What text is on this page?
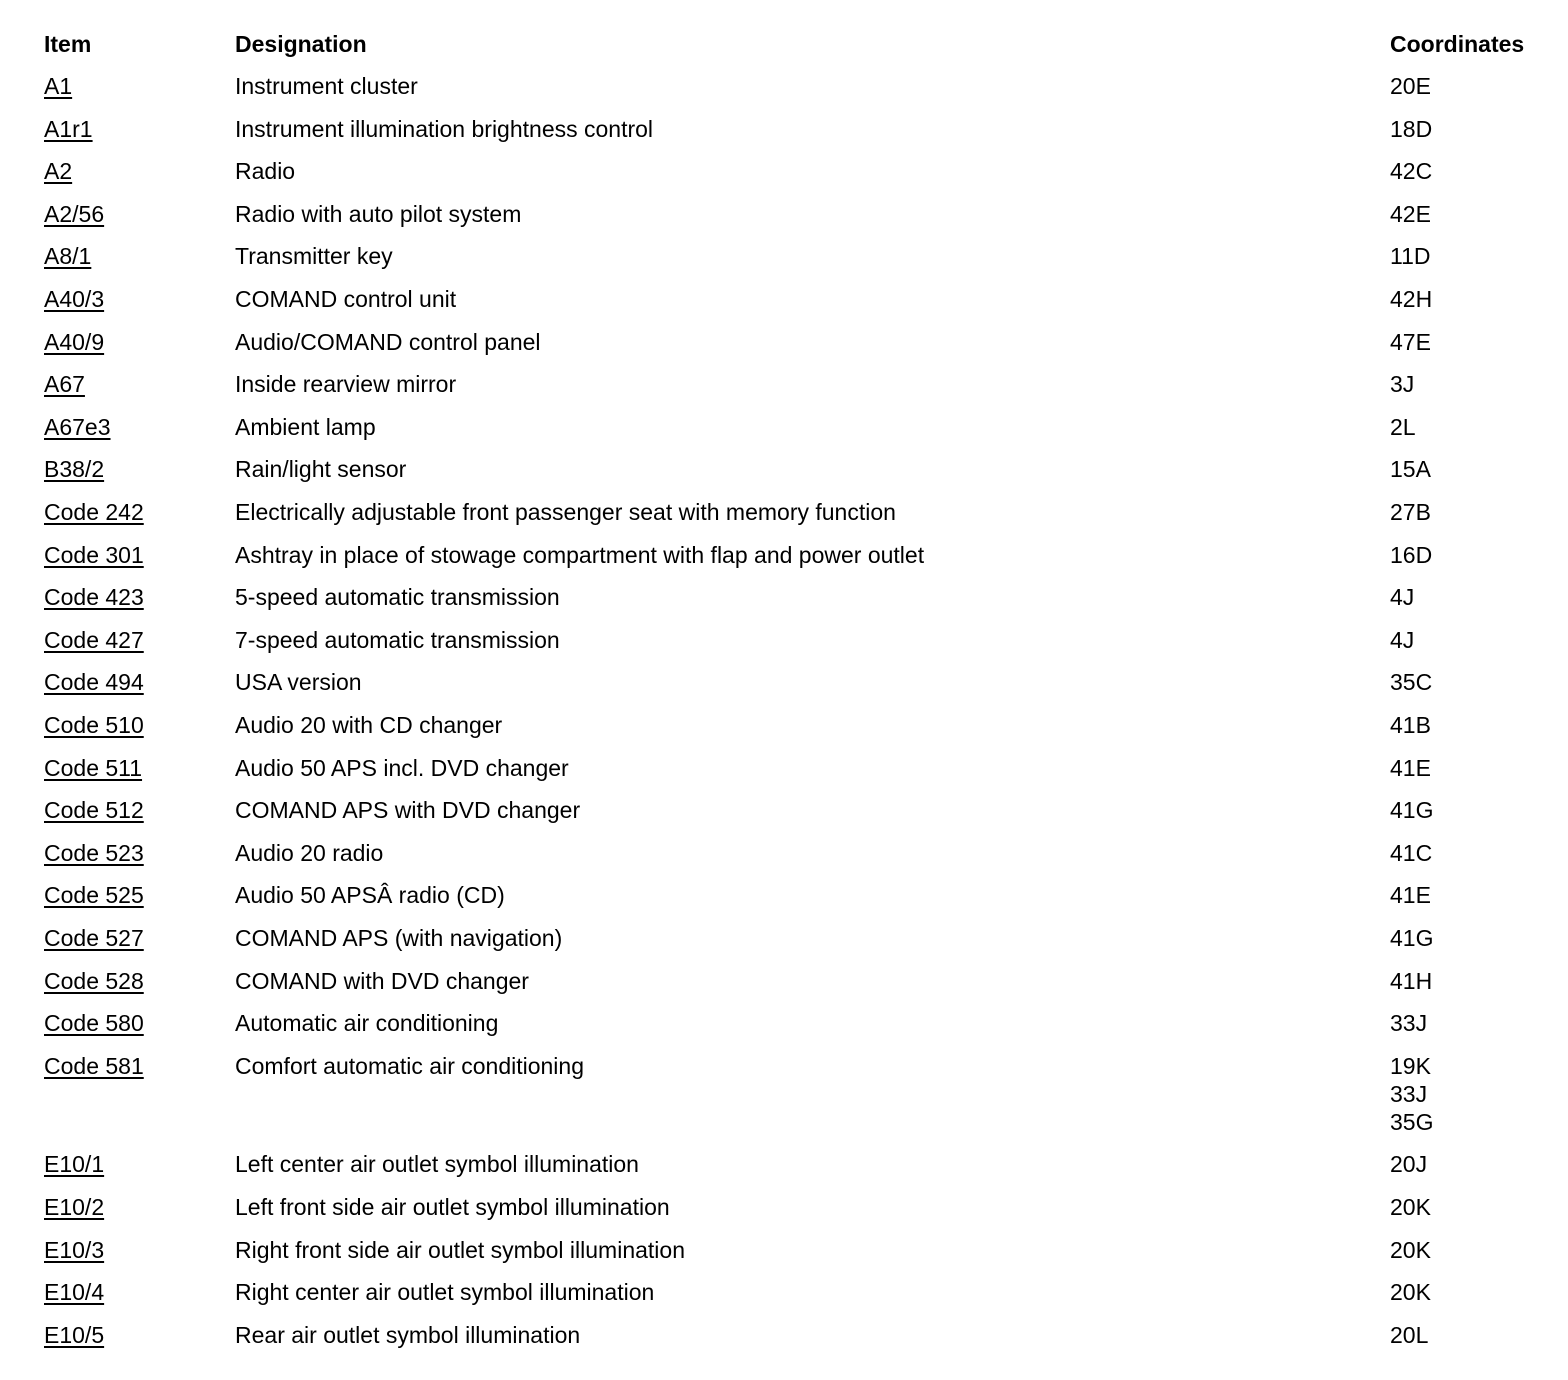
Item	Designation	Coordinates
A1	Instrument cluster	20E
A1r1	Instrument illumination brightness control	18D
A2	Radio	42C
A2/56	Radio with auto pilot system	42E
A8/1	Transmitter key	11D
A40/3	COMAND control unit	42H
A40/9	Audio/COMAND control panel	47E
A67	Inside rearview mirror	3J
A67e3	Ambient lamp	2L
B38/2	Rain/light sensor	15A
Code 242	Electrically adjustable front passenger seat with memory function	27B
Code 301	Ashtray in place of stowage compartment with flap and power outlet	16D
Code 423	5-speed automatic transmission	4J
Code 427	7-speed automatic transmission	4J
Code 494	USA version	35C
Code 510	Audio 20 with CD changer	41B
Code 511	Audio 50 APS incl. DVD changer	41E
Code 512	COMAND APS with DVD changer	41G
Code 523	Audio 20 radio	41C
Code 525	Audio 50 APSÂ radio (CD)	41E
Code 527	COMAND APS (with navigation)	41G
Code 528	COMAND with DVD changer	41H
Code 580	Automatic air conditioning	33J
Code 581	Comfort automatic air conditioning	19K
33J
35G
E10/1	Left center air outlet symbol illumination	20J
E10/2	Left front side air outlet symbol illumination	20K
E10/3	Right front side air outlet symbol illumination	20K
E10/4	Right center air outlet symbol illumination	20K
E10/5	Rear air outlet symbol illumination	20L
